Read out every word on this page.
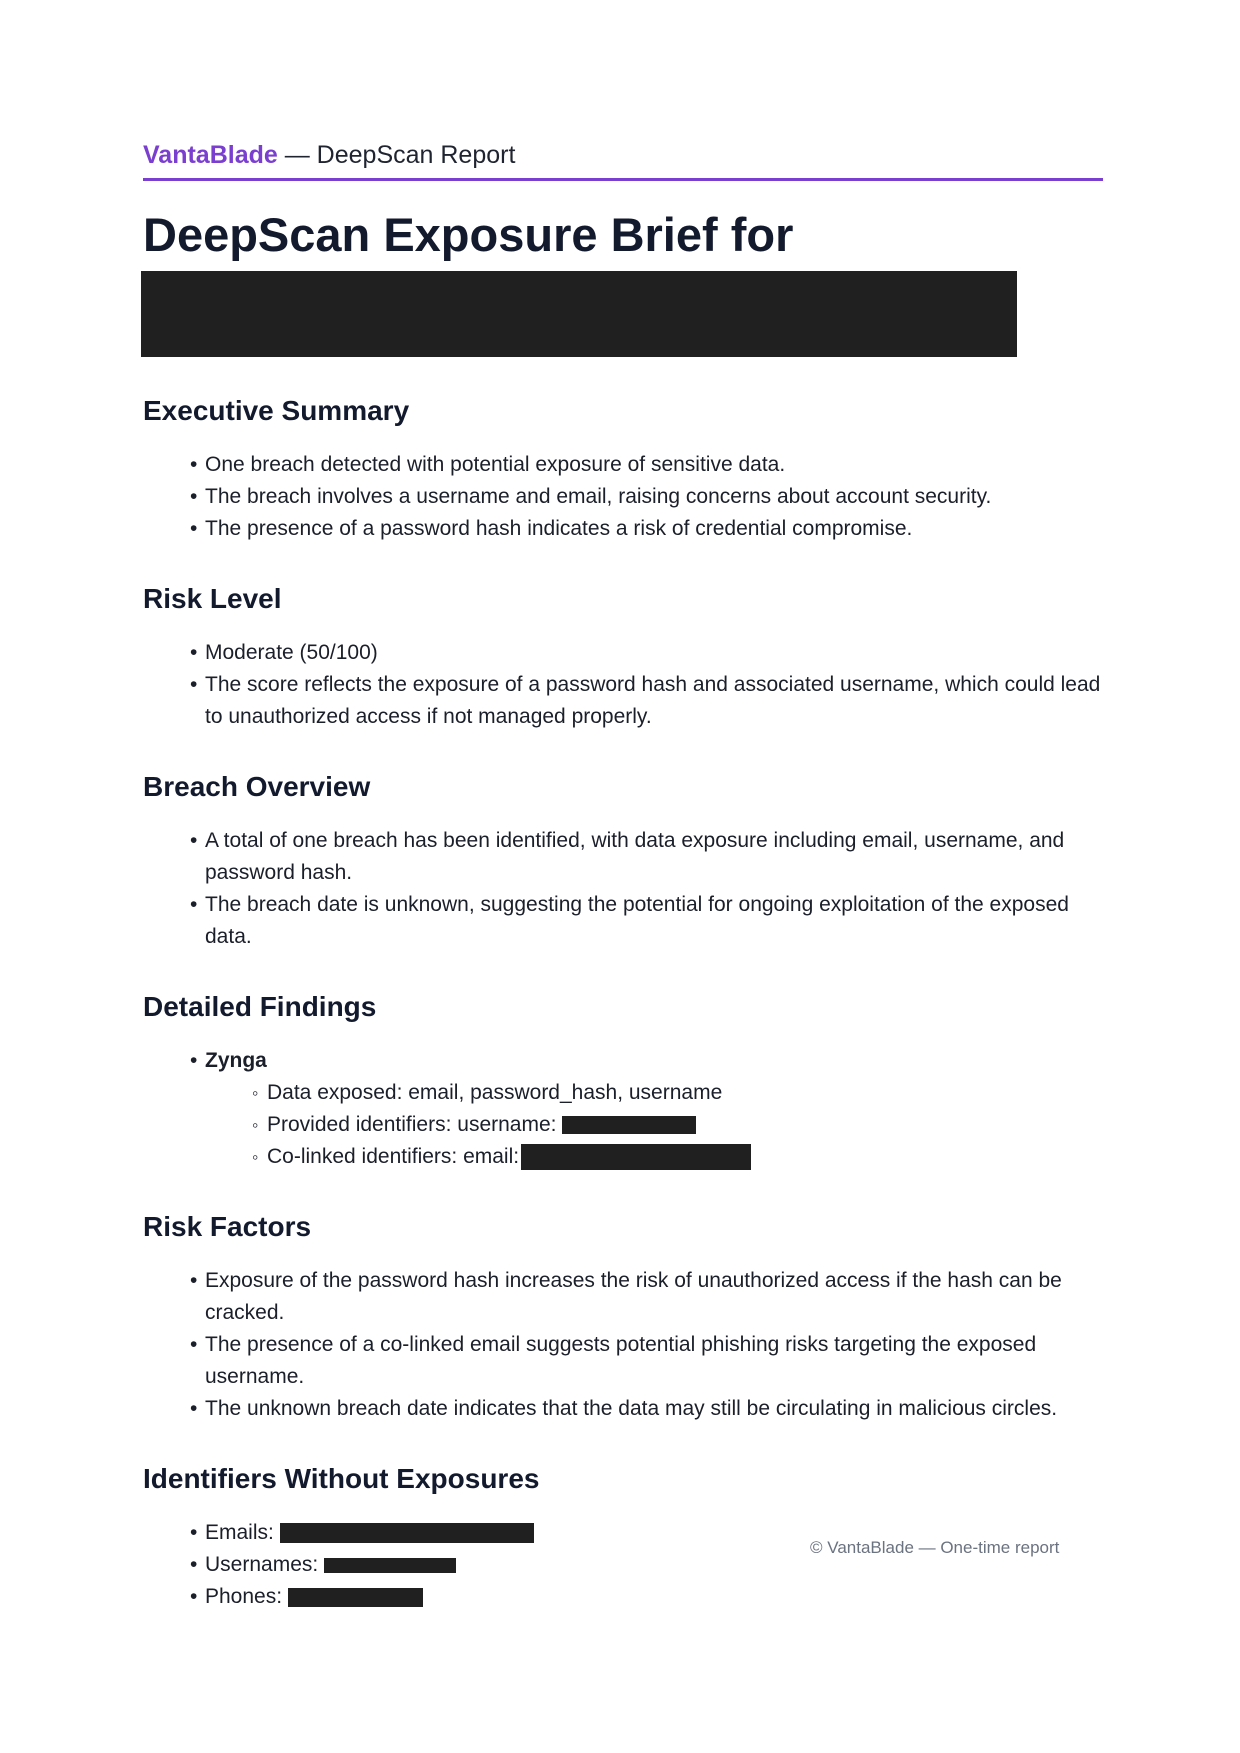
VantaBlade — DeepScan Report
DeepScan Exposure Brief for
Executive Summary
• One breach detected with potential exposure of sensitive data.
• The breach involves a username and email, raising concerns about account security.
• The presence of a password hash indicates a risk of credential compromise.
Risk Level
• Moderate (50/100)
• The score reflects the exposure of a password hash and associated username, which could lead to unauthorized access if not managed properly.
Breach Overview
• A total of one breach has been identified, with data exposure including email, username, and password hash.
• The breach date is unknown, suggesting the potential for ongoing exploitation of the exposed data.
Detailed Findings
• Zynga
◦ Data exposed: email, password_hash, username
◦ Provided identifiers: username:
◦ Co-linked identifiers: email:
Risk Factors
• Exposure of the password hash increases the risk of unauthorized access if the hash can be cracked.
• The presence of a co-linked email suggests potential phishing risks targeting the exposed username.
• The unknown breach date indicates that the data may still be circulating in malicious circles.
Identifiers Without Exposures
• Emails:
• Usernames:
• Phones:
© VantaBlade — One-time report
